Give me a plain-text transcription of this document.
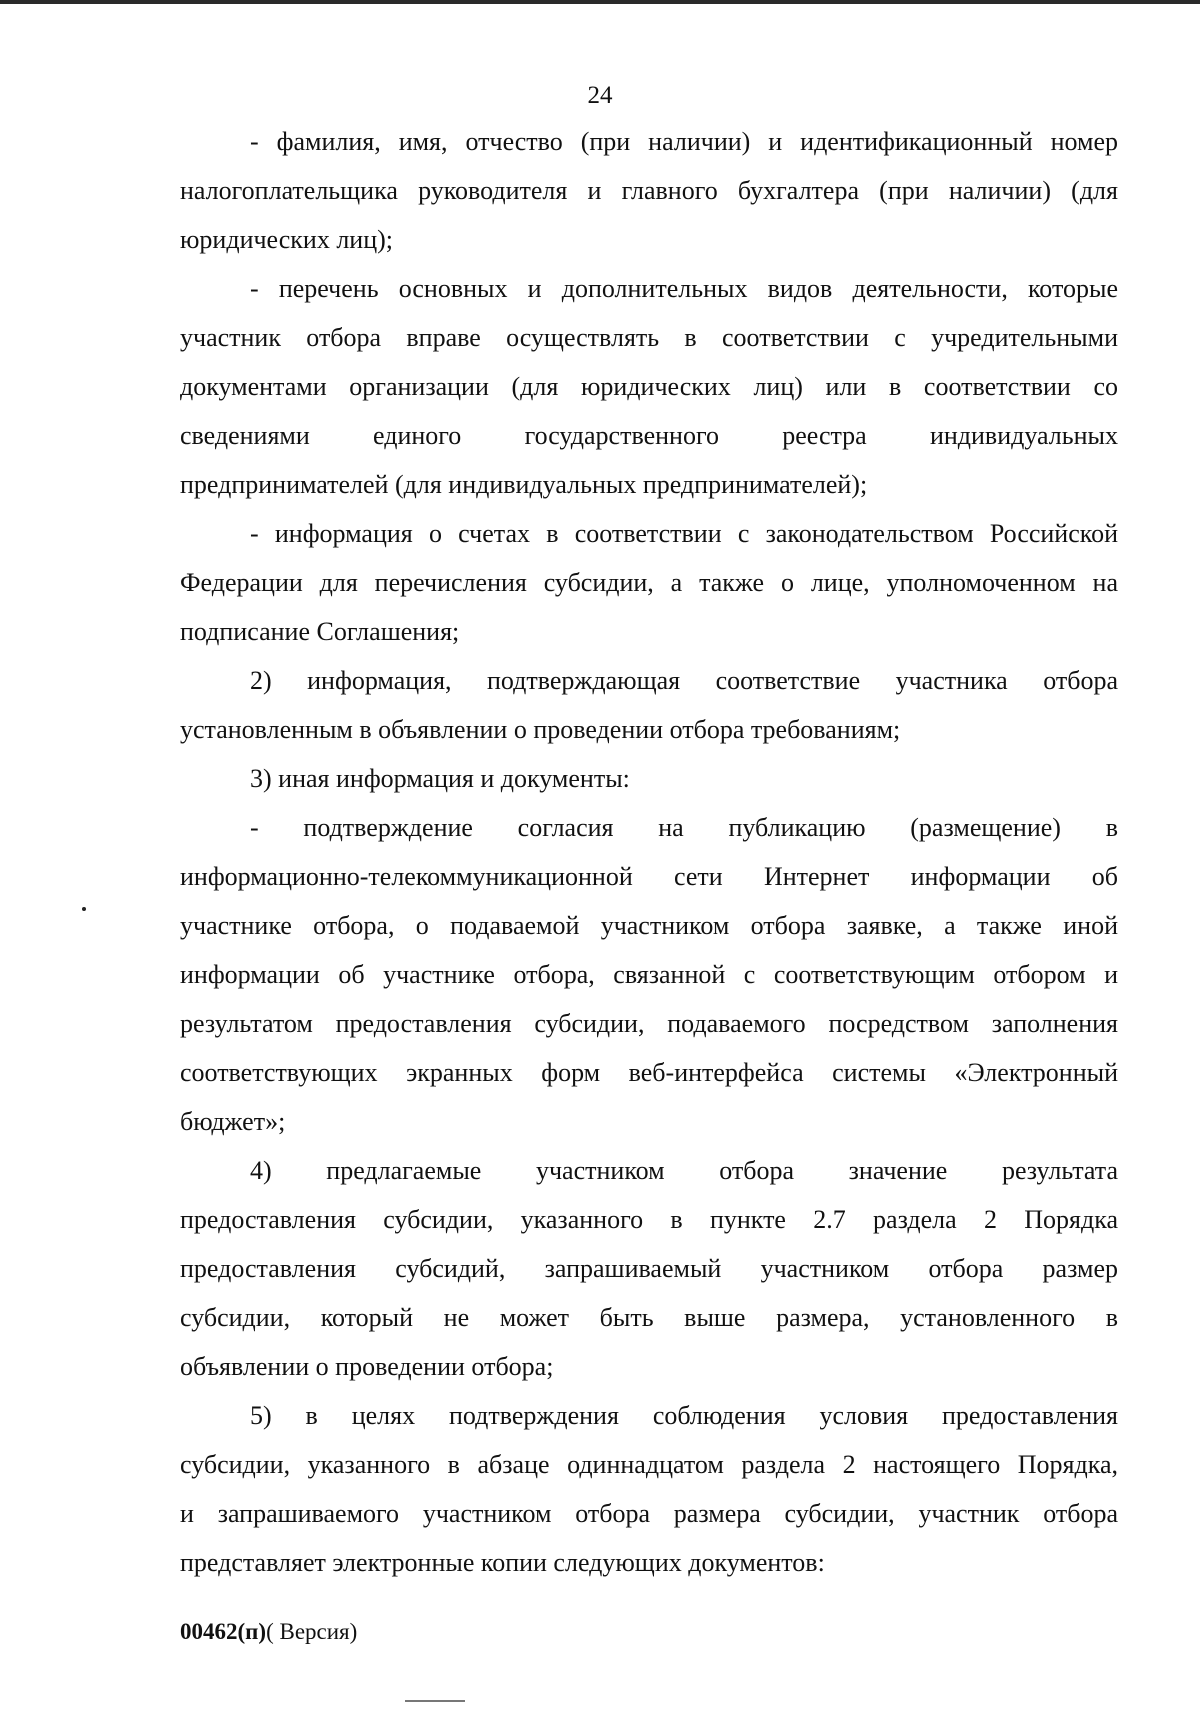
24
- фамилия, имя, отчество (при наличии) и идентификационный номер
налогоплательщика руководителя и главного бухгалтера (при наличии) (для
юридических лиц);
- перечень основных и дополнительных видов деятельности, которые
участник отбора вправе осуществлять в соответствии с учредительными
документами организации (для юридических лиц) или в соответствии со
сведениями единого государственного реестра индивидуальных
предпринимателей (для индивидуальных предпринимателей);
- информация о счетах в соответствии с законодательством Российской
Федерации для перечисления субсидии, а также о лице, уполномоченном на
подписание Соглашения;
2) информация, подтверждающая соответствие участника отбора
установленным в объявлении о проведении отбора требованиям;
3) иная информация и документы:
- подтверждение согласия на публикацию (размещение) в
информационно-телекоммуникационной сети Интернет информации об
участнике отбора, о подаваемой участником отбора заявке, а также иной
информации об участнике отбора, связанной с соответствующим отбором и
результатом предоставления субсидии, подаваемого посредством заполнения
соответствующих экранных форм веб-интерфейса системы «Электронный
бюджет»;
4) предлагаемые участником отбора значение результата
предоставления субсидии, указанного в пункте 2.7 раздела 2 Порядка
предоставления субсидий, запрашиваемый участником отбора размер
субсидии, который не может быть выше размера, установленного в
объявлении о проведении отбора;
5) в целях подтверждения соблюдения условия предоставления
субсидии, указанного в абзаце одиннадцатом раздела 2 настоящего Порядка,
и запрашиваемого участником отбора размера субсидии, участник отбора
представляет электронные копии следующих документов:
00462(п)( Версия)
